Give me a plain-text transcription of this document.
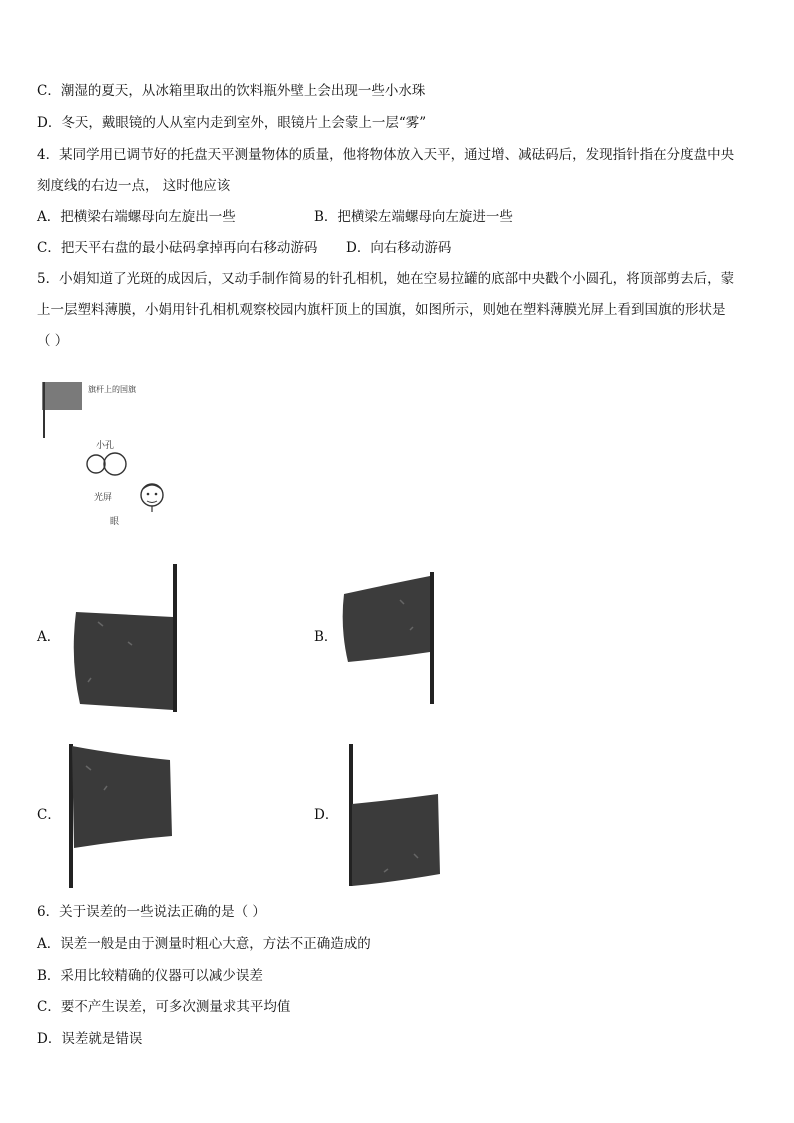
C．潮湿的夏天，从冰箱里取出的饮料瓶外壁上会出现一些小水珠
D．冬天，戴眼镜的人从室内走到室外，眼镜片上会蒙上一层“雾”
4．某同学用已调节好的托盘天平测量物体的质量，他将物体放入天平，通过增、减砝码后，发现指针指在分度盘中央
刻度线的右边一点， 这时他应该
A．把横梁右端螺母向左旋出一些	B．把横梁左端螺母向左旋进一些
C．把天平右盘的最小砝码拿掉再向右移动游码 D．向右移动游码
5．小娟知道了光斑的成因后，又动手制作简易的针孔相机，她在空易拉罐的底部中央戳个小圆孔，将顶部剪去后，蒙
上一层塑料薄膜，小娟用针孔相机观察校园内旗杆顶上的国旗，如图所示，则她在塑料薄膜光屏上看到国旗的形状是
（ ）
旗杆上的国旗
小孔
光屏
眼
A．	B．
C．	D．
6．关于误差的一些说法正确的是（ ）
A．误差一般是由于测量时粗心大意，方法不正确造成的
B．采用比较精确的仪器可以减少误差
C．要不产生误差，可多次测量求其平均值
D．误差就是错误
